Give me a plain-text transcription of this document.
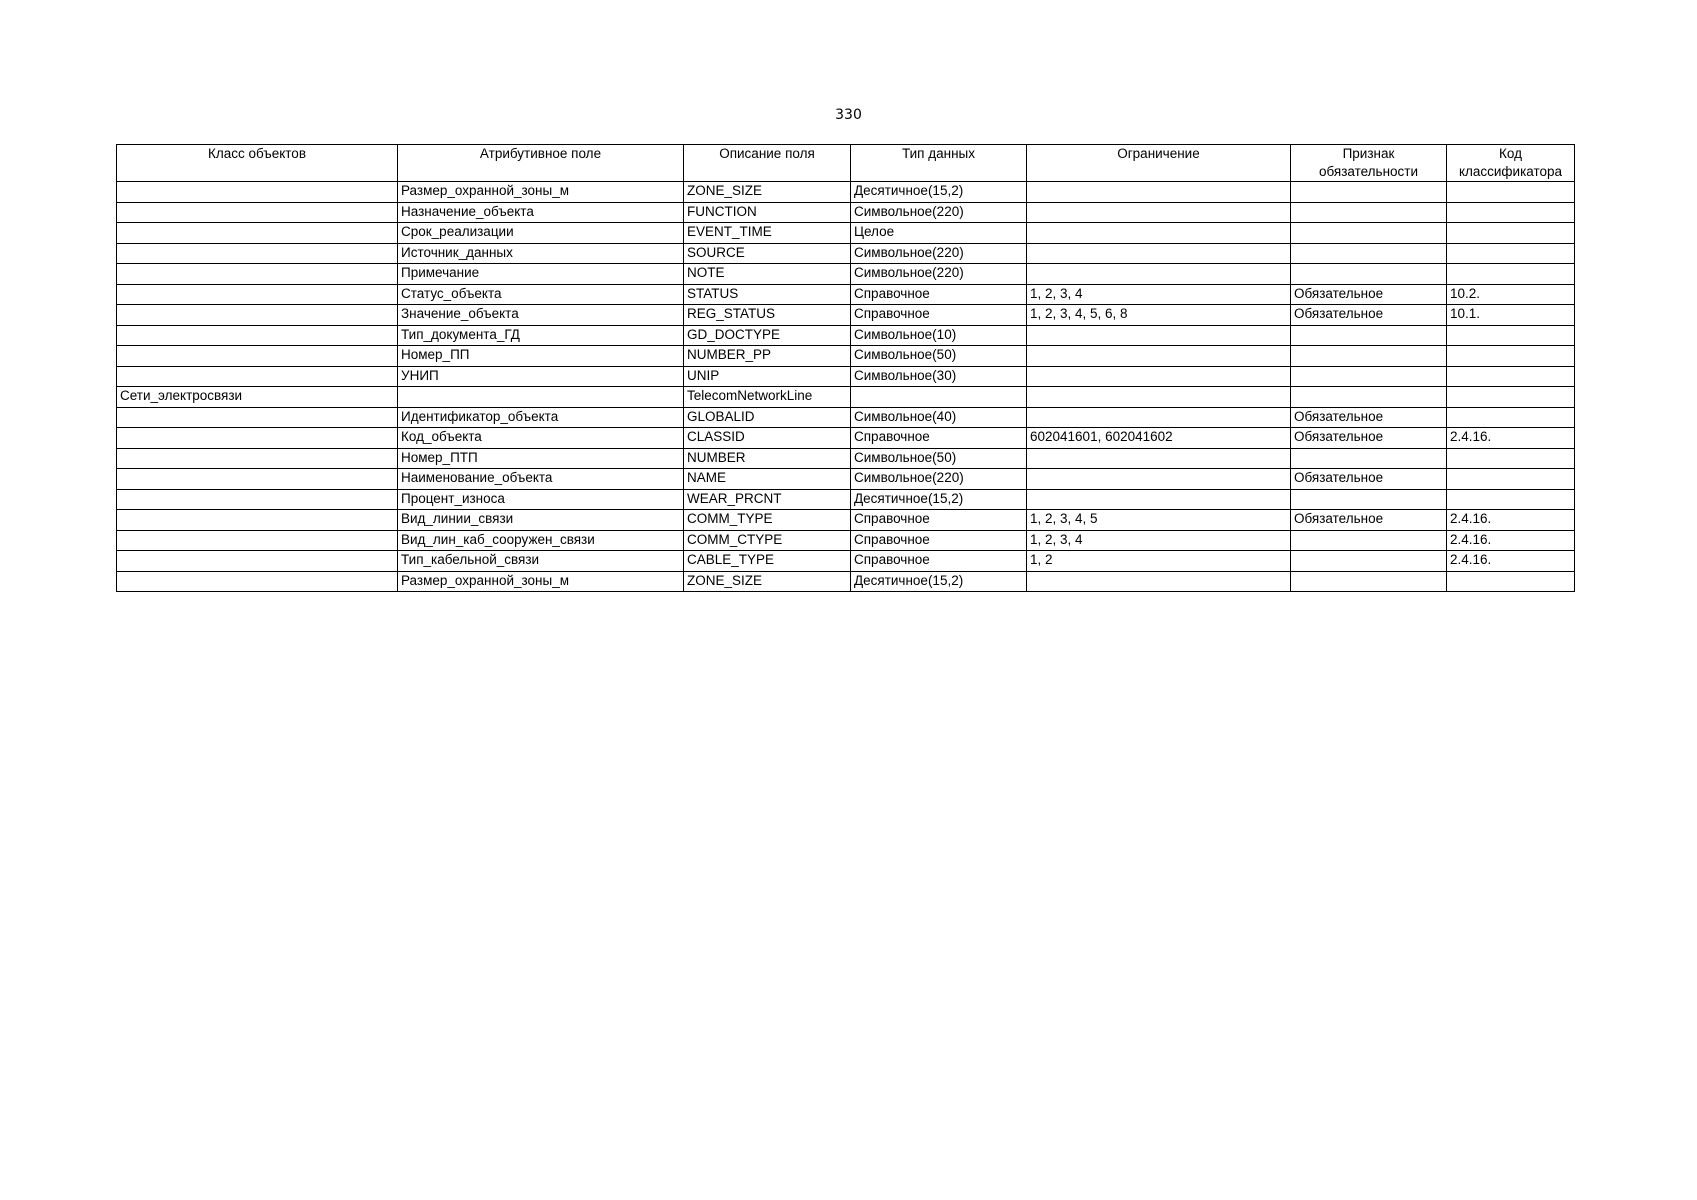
330
Класс объектов	Атрибутивное поле	Описание поля	Тип данных	Ограничение	Признак обязательности	Код классификатора
	Размер_охранной_зоны_м	ZONE_SIZE	Десятичное(15,2)			
	Назначение_объекта	FUNCTION	Символьное(220)			
	Срок_реализации	EVENT_TIME	Целое			
	Источник_данных	SOURCE	Символьное(220)			
	Примечание	NOTE	Символьное(220)			
	Статус_объекта	STATUS	Справочное	1, 2, 3, 4	Обязательное	10.2.
	Значение_объекта	REG_STATUS	Справочное	1, 2, 3, 4, 5, 6, 8	Обязательное	10.1.
	Тип_документа_ГД	GD_DOCTYPE	Символьное(10)			
	Номер_ПП	NUMBER_PP	Символьное(50)			
	УНИП	UNIP	Символьное(30)			
Сети_электросвязи		TelecomNetworkLine				
	Идентификатор_объекта	GLOBALID	Символьное(40)		Обязательное	
	Код_объекта	CLASSID	Справочное	602041601, 602041602	Обязательное	2.4.16.
	Номер_ПТП	NUMBER	Символьное(50)			
	Наименование_объекта	NAME	Символьное(220)		Обязательное	
	Процент_износа	WEAR_PRCNT	Десятичное(15,2)			
	Вид_линии_связи	COMM_TYPE	Справочное	1, 2, 3, 4, 5	Обязательное	2.4.16.
	Вид_лин_каб_сооружен_связи	COMM_CTYPE	Справочное	1, 2, 3, 4		2.4.16.
	Тип_кабельной_связи	CABLE_TYPE	Справочное	1, 2		2.4.16.
	Размер_охранной_зоны_м	ZONE_SIZE	Десятичное(15,2)			
